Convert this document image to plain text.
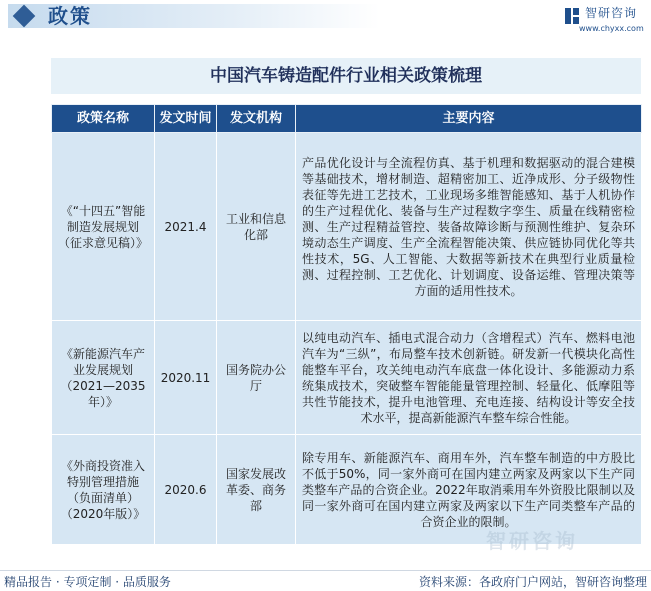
政策	智研咨询
www.chyxx.com
中国汽车铸造配件行业相关政策梳理
政策名称	发文时间	发文机构	主要内容
《“十四五”智能制造发展规划（征求意见稿）》	2021.4	工业和信息化部	产品优化设计与全流程仿真、基于机理和数据驱动的混合建模等基础技术，增材制造、超精密加工、近净成形、分子级物性表征等先进工艺技术，工业现场多维智能感知、基于人机协作的生产过程优化、装备与生产过程数字孪生、质量在线精密检测、生产过程精益管控、装备故障诊断与预测性维护、复杂环境动态生产调度、生产全流程智能决策、供应链协同优化等共性技术，5G、人工智能、大数据等新技术在典型行业质量检测、过程控制、工艺优化、计划调度、设备运维、管理决策等方面的适用性技术。
《新能源汽车产业发展规划（2021—2035年）》	2020.11	国务院办公厅	以纯电动汽车、插电式混合动力（含增程式）汽车、燃料电池汽车为“三纵”，布局整车技术创新链。研发新一代模块化高性能整车平台，攻关纯电动汽车底盘一体化设计、多能源动力系统集成技术，突破整车智能能量管理控制、轻量化、低摩阻等共性节能技术，提升电池管理、充电连接、结构设计等安全技术水平，提高新能源汽车整车综合性能。
《外商投资准入特别管理措施（负面清单）（2020年版）》	2020.6	国家发展改革委、商务部	除专用车、新能源汽车、商用车外，汽车整车制造的中方股比不低于50%，同一家外商可在国内建立两家及两家以下生产同类整车产品的合资企业。2022年取消乘用车外资股比限制以及同一家外商可在国内建立两家及两家以下生产同类整车产品的合资企业的限制。
智研咨询
精品报告 · 专项定制 · 品质服务	资料来源：各政府门户网站，智研咨询整理
